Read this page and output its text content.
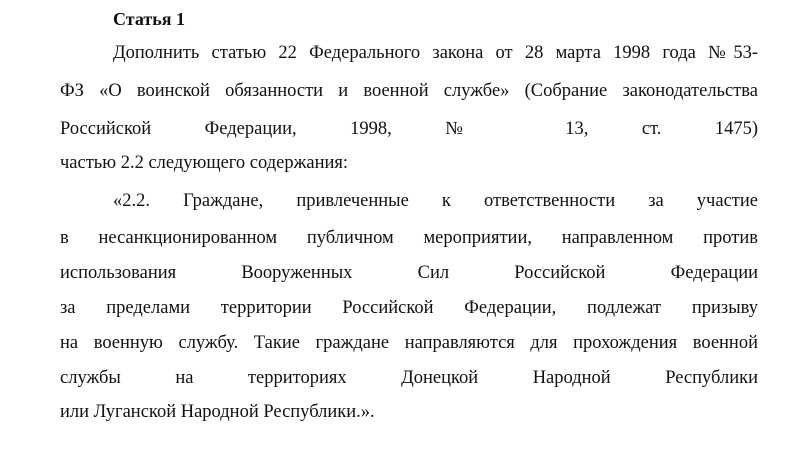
Статья 1
Дополнить статью 22 Федерального закона от 28 марта 1998 года №53-
ФЗ «О воинской обязанности и военной службе» (Собрание законодательства
Российской Федерации, 1998, № 13, ст. 1475)
частью 2.2 следующего содержания:
«2.2. Граждане, привлеченные к ответственности за участие
в несанкционированном публичном мероприятии, направленном против
использования Вооруженных Сил Российской Федерации
за пределами территории Российской Федерации, подлежат призыву
на военную службу. Такие граждане направляются для прохождения военной
службы на территориях Донецкой Народной Республики
или Луганской Народной Республики.».
